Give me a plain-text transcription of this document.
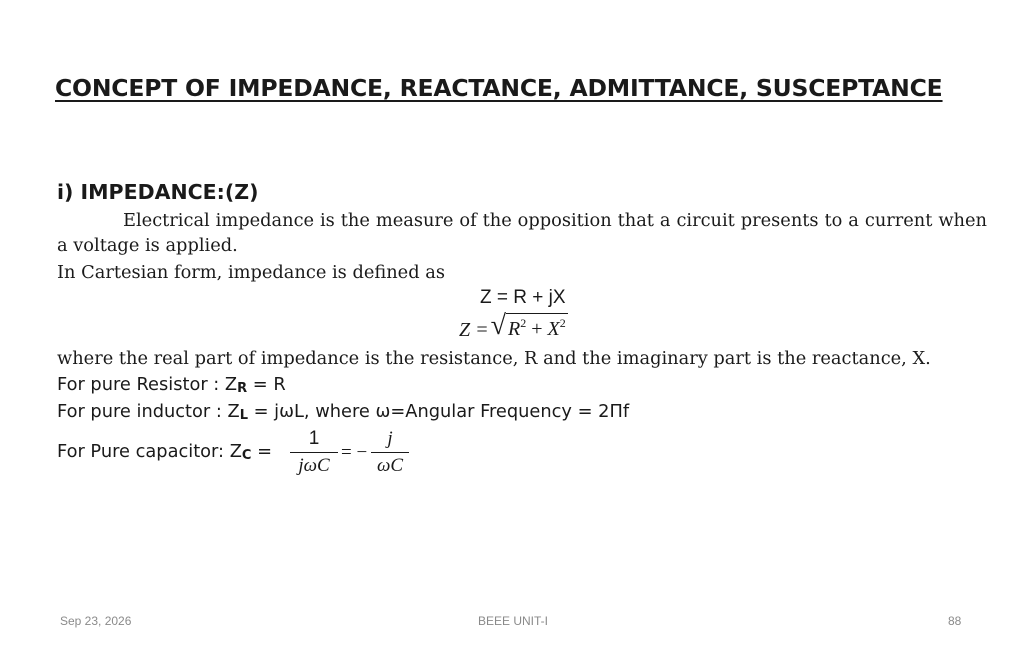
CONCEPT OF IMPEDANCE, REACTANCE, ADMITTANCE, SUSCEPTANCE
i) IMPEDANCE:(Z)
Electrical impedance is the measure of the opposition that a circuit presents to a current when a voltage is applied.
In Cartesian form, impedance is defined as
Z = R + jX
Z = √ $R^2 + X^2$
where the real part of impedance is the resistance, R and the imaginary part is the reactance, X.
For pure Resistor : ZR = R
For pure inductor : ZL = jωL, where ω=Angular Frequency = 2Πf
For Pure capacitor: ZC =
1
jωC
= − $\frac{j}{\omega C}$
Sep 23, 2026	BEEE UNIT-I	88
